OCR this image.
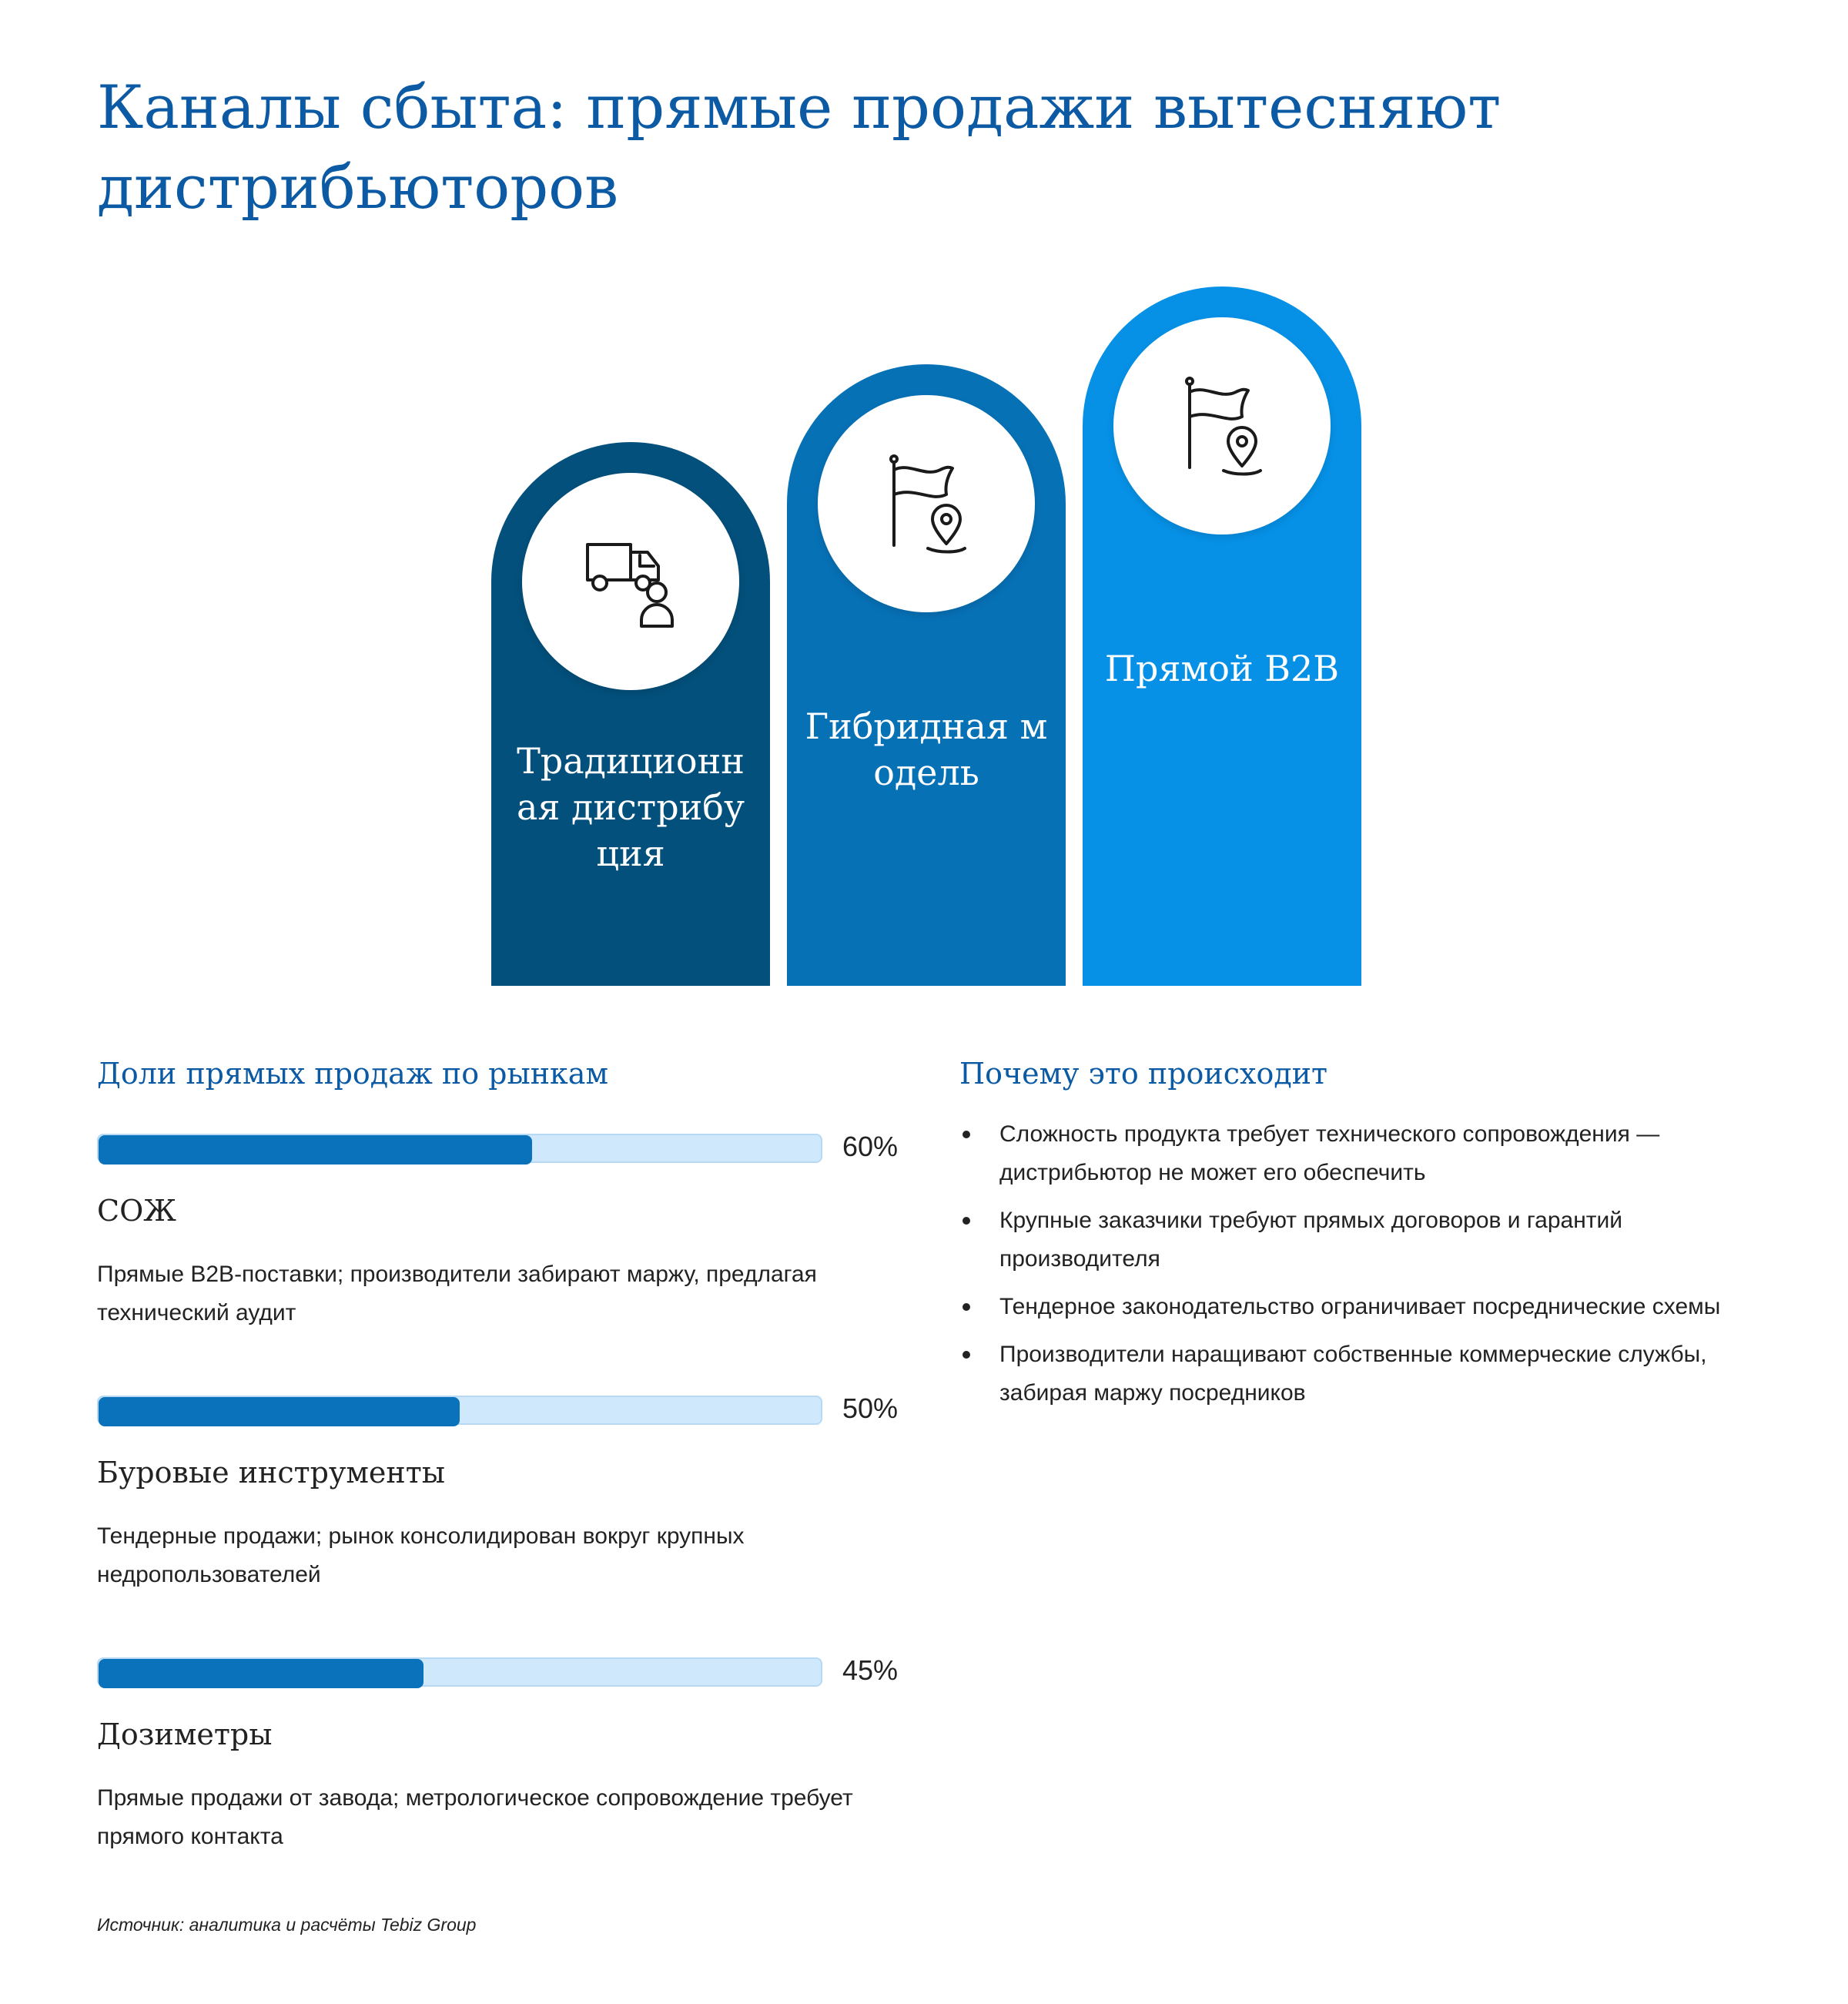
Каналы сбыта: прямые продажи вытесняют дистрибьюторов
Традиционная дистрибуция
Гибридная модель
Прямой B2B
Доли прямых продаж по рынкам
60%
СОЖ

Прямые B2B-поставки; производители забирают маржу, предлагая технический аудит

50%
Буровые инструменты

Тендерные продажи; рынок консолидирован вокруг крупных недропользователей

45%
Дозиметры

Прямые продажи от завода; метрологическое сопровождение требует прямого контакта

Почему это происходит
Сложность продукта требует технического сопровождения — дистрибьютор не может его обеспечить
Крупные заказчики требуют прямых договоров и гарантий производителя
Тендерное законодательство ограничивает посреднические схемы
Производители наращивают собственные коммерческие службы, забирая маржу посредников
Источник: аналитика и расчёты Tebiz Group
